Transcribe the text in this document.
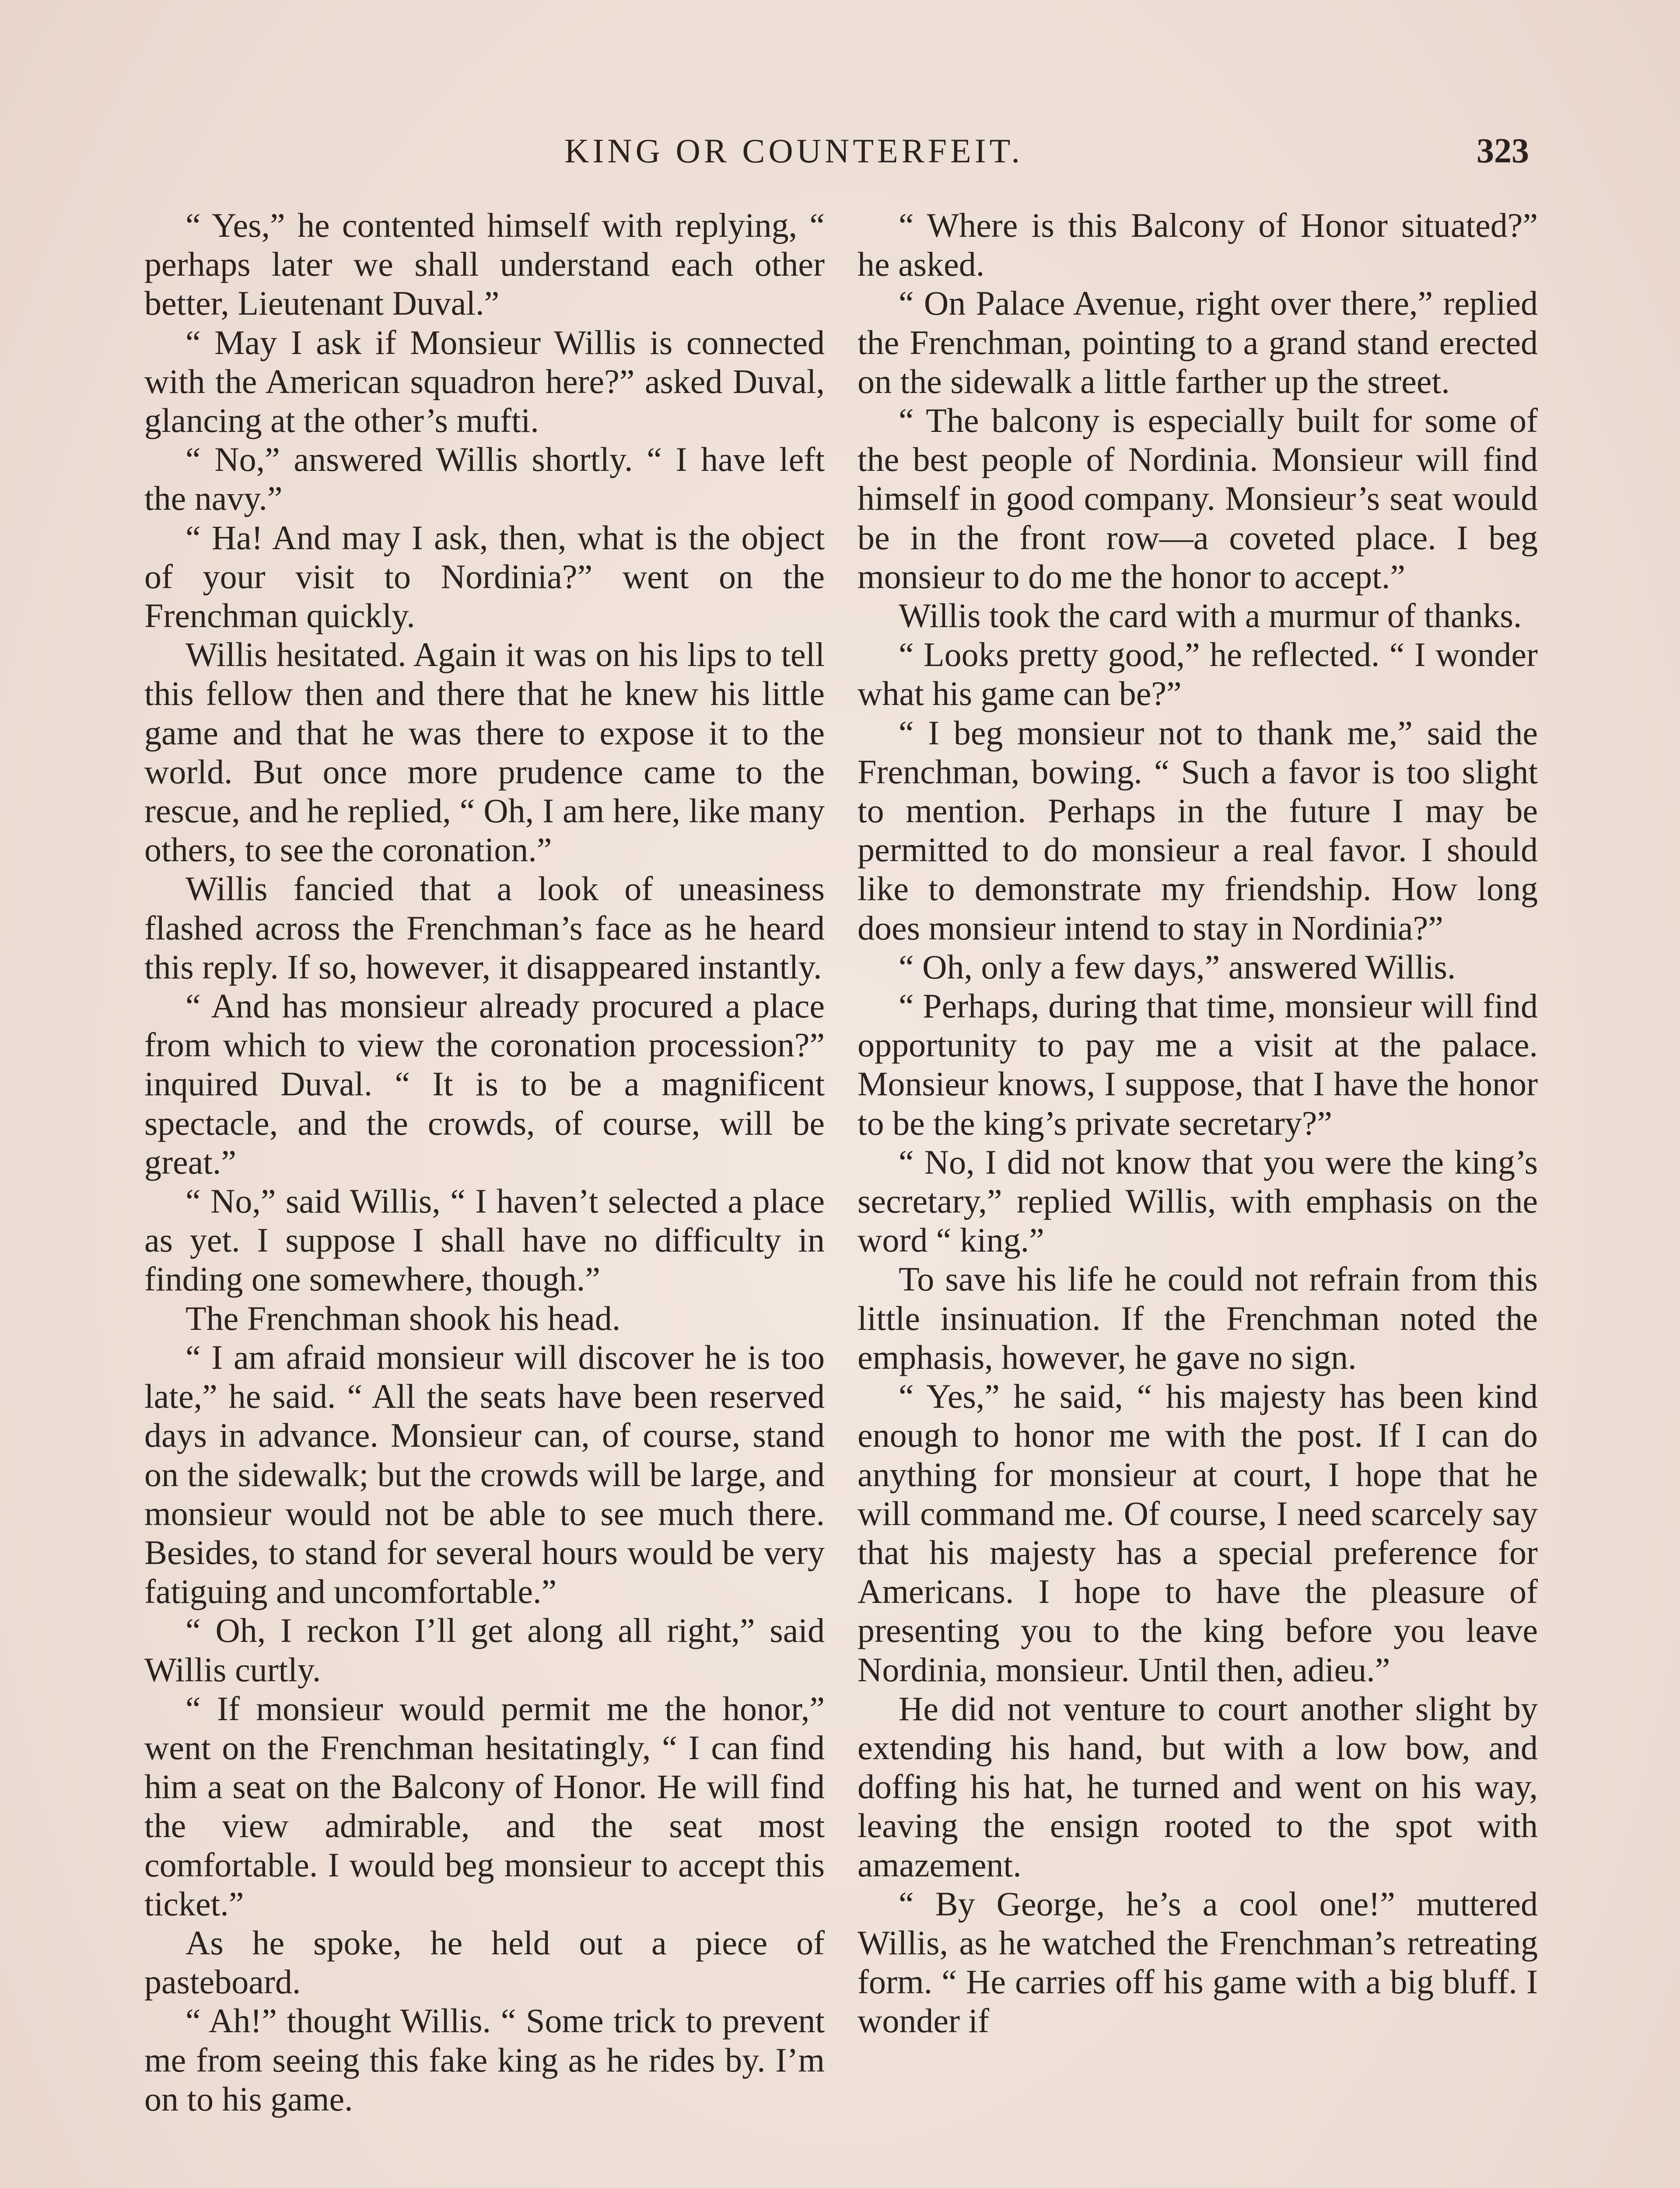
KING OR COUNTERFEIT.	323

“ Yes,” he contented himself with replying, “ perhaps later we shall understand each other better, Lieutenant Duval.”

“ May I ask if Monsieur Willis is connected with the American squadron here?” asked Duval, glancing at the other’s mufti.

“ No,” answered Willis shortly. “ I have left the navy.”

“ Ha! And may I ask, then, what is the object of your visit to Nordinia?” went on the Frenchman quickly.

Willis hesitated. Again it was on his lips to tell this fellow then and there that he knew his little game and that he was there to expose it to the world. But once more prudence came to the rescue, and he replied, “ Oh, I am here, like many others, to see the coronation.”

Willis fancied that a look of uneasiness flashed across the Frenchman’s face as he heard this reply. If so, however, it disappeared instantly.

“ And has monsieur already procured a place from which to view the coronation procession?” inquired Duval. “ It is to be a magnificent spectacle, and the crowds, of course, will be great.”

“ No,” said Willis, “ I haven’t selected a place as yet. I suppose I shall have no difficulty in finding one somewhere, though.”

The Frenchman shook his head.

“ I am afraid monsieur will discover he is too late,” he said. “ All the seats have been reserved days in advance. Monsieur can, of course, stand on the sidewalk; but the crowds will be large, and monsieur would not be able to see much there. Besides, to stand for several hours would be very fatiguing and uncomfortable.”

“ Oh, I reckon I’ll get along all right,” said Willis curtly.

“ If monsieur would permit me the honor,” went on the Frenchman hesitatingly, “ I can find him a seat on the Balcony of Honor. He will find the view admirable, and the seat most comfortable. I would beg monsieur to accept this ticket.”

As he spoke, he held out a piece of pasteboard.

“ Ah!” thought Willis. “ Some trick to prevent me from seeing this fake king as he rides by. I’m on to his game.

“ Where is this Balcony of Honor situated?” he asked.

“ On Palace Avenue, right over there,” replied the Frenchman, pointing to a grand stand erected on the sidewalk a little farther up the street.

“ The balcony is especially built for some of the best people of Nordinia. Monsieur will find himself in good company. Monsieur’s seat would be in the front row—a coveted place. I beg monsieur to do me the honor to accept.”

Willis took the card with a murmur of thanks.

“ Looks pretty good,” he reflected. “ I wonder what his game can be?”

“ I beg monsieur not to thank me,” said the Frenchman, bowing. “ Such a favor is too slight to mention. Perhaps in the future I may be permitted to do monsieur a real favor. I should like to demonstrate my friendship. How long does monsieur intend to stay in Nordinia?”

“ Oh, only a few days,” answered Willis.

“ Perhaps, during that time, monsieur will find opportunity to pay me a visit at the palace. Monsieur knows, I suppose, that I have the honor to be the king’s private secretary?”

“ No, I did not know that you were the king’s secretary,” replied Willis, with emphasis on the word “ king.”

To save his life he could not refrain from this little insinuation. If the Frenchman noted the emphasis, however, he gave no sign.

“ Yes,” he said, “ his majesty has been kind enough to honor me with the post. If I can do anything for monsieur at court, I hope that he will command me. Of course, I need scarcely say that his majesty has a special preference for Americans. I hope to have the pleasure of presenting you to the king before you leave Nordinia, monsieur. Until then, adieu.”

He did not venture to court another slight by extending his hand, but with a low bow, and doffing his hat, he turned and went on his way, leaving the ensign rooted to the spot with amazement.

“ By George, he’s a cool one!” muttered Willis, as he watched the Frenchman’s retreating form. “ He carries off his game with a big bluff. I wonder if
